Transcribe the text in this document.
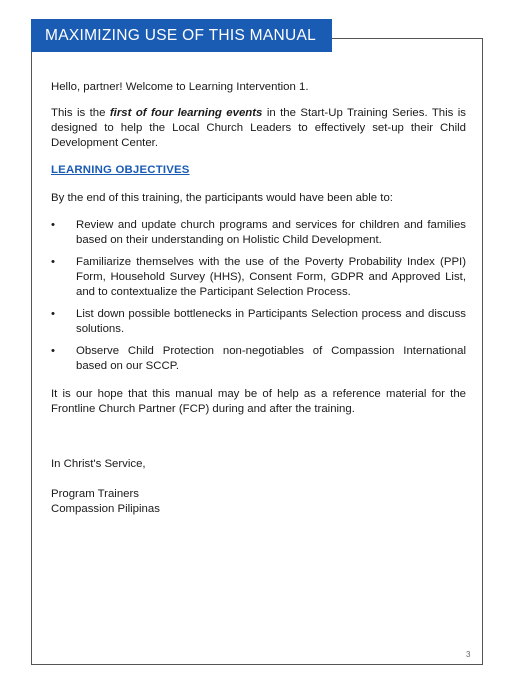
MAXIMIZING USE OF THIS MANUAL

Hello, partner! Welcome to Learning Intervention 1.

This is the first of four learning events in the Start-Up Training Series. This is designed to help the Local Church Leaders to effectively set-up their Child Development Center.

LEARNING OBJECTIVES

By the end of this training, the participants would have been able to:

• Review and update church programs and services for children and families based on their understanding on Holistic Child Development.
• Familiarize themselves with the use of the Poverty Probability Index (PPI) Form, Household Survey (HHS), Consent Form, GDPR and Approved List, and to contextualize the Participant Selection Process.
• List down possible bottlenecks in Participants Selection process and discuss solutions.
• Observe Child Protection non-negotiables of Compassion International based on our SCCP.

It is our hope that this manual may be of help as a reference material for the Frontline Church Partner (FCP) during and after the training.

In Christ's Service,

Program Trainers

Compassion Pilipinas

3
